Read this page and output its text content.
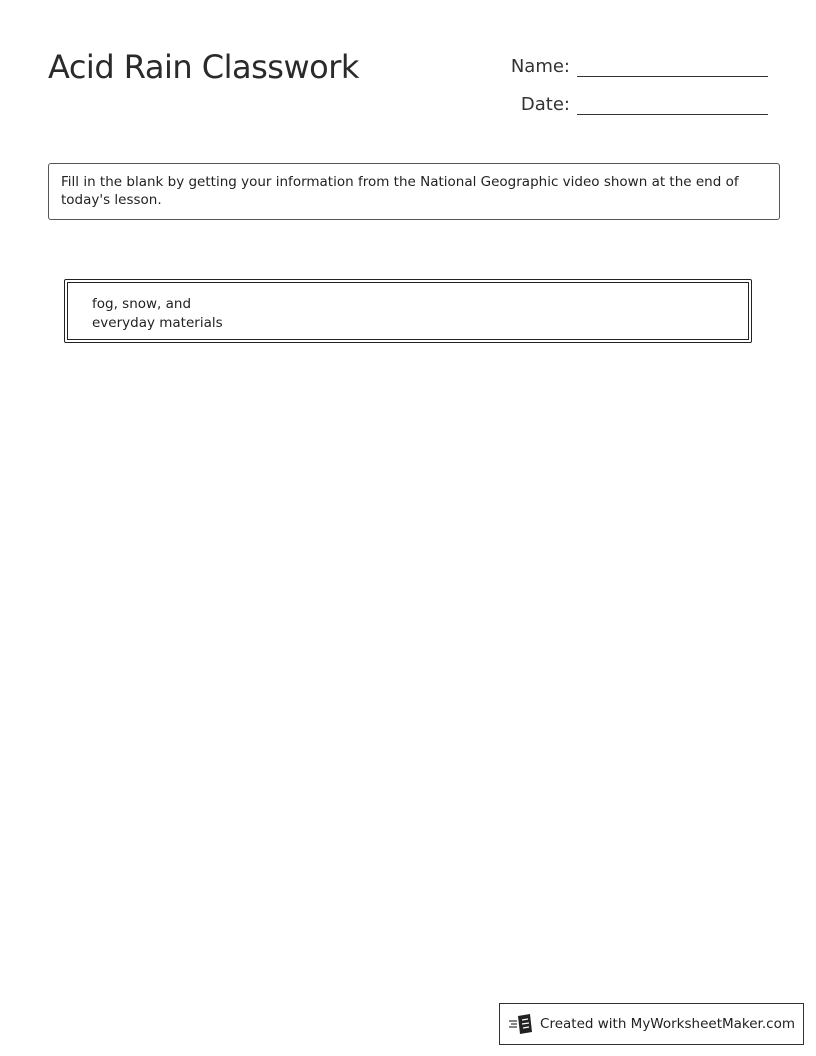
Acid Rain Classwork	Name:
Date:
Fill in the blank by getting your information from the National Geographic video shown at the end of today's lesson.
fog, snow, and
everyday materials
Created with MyWorksheetMaker.com
